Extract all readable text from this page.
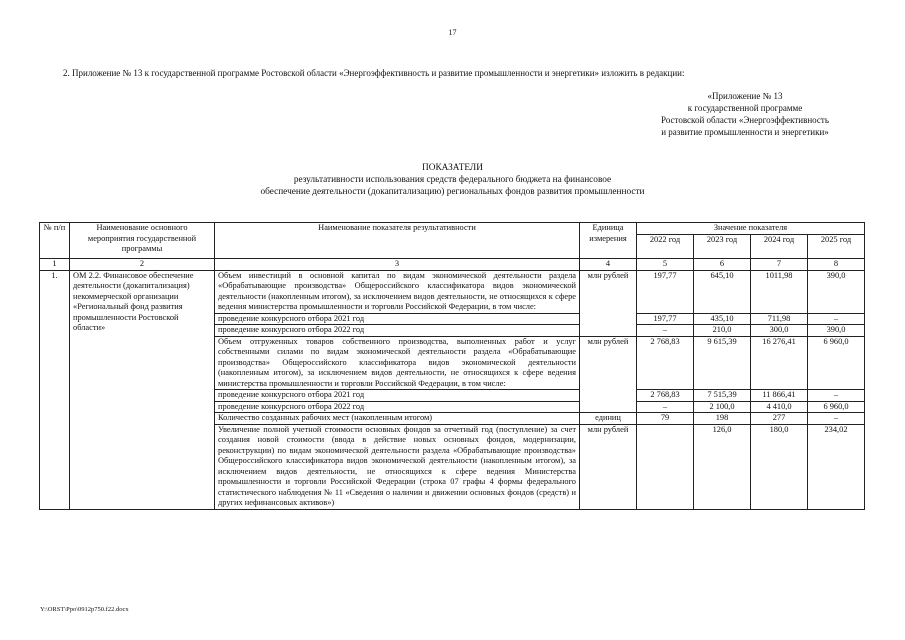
17
2. Приложение № 13 к государственной программе Ростовской области «Энергоэффективность и развитие промышленности и энергетики» изложить в редакции:
«Приложение № 13
к государственной программе
Ростовской области «Энергоэффективность
и развитие промышленности и энергетики»
ПОКАЗАТЕЛИ
результативности использования средств федерального бюджета на финансовое
обеспечение деятельности (докапитализацию) региональных фондов развития промышленности
№ п/п	Наименование основного мероприятия государственной программы	Наименование показателя результативности	Единица измерения	Значение показателя			
				2022 год	2023 год	2024 год	2025 год
1	2	3	4	5	6	7	8
1.	ОМ 2.2. Финансовое обеспечение деятельности (докапитализация) некоммерческой организации «Региональный фонд развития промышленности Ростовской области»	Объем инвестиций в основной капитал по видам экономической деятельности раздела «Обрабатывающие производства» Общероссийского классификатора видов экономической деятельности (накопленным итогом), за исключением видов деятельности, не относящихся к сфере ведения министерства промышленности и торговли Российской Федерации, в том числе:	млн рублей	197,77	645,10	1011,98	390,0
		проведение конкурсного отбора 2021 год		197,77	435,10	711,98	–
		проведение конкурсного отбора 2022 год		–	210,0	300,0	390,0
		Объем отгруженных товаров собственного производства, выполненных работ и услуг собственными силами по видам экономической деятельности раздела «Обрабатывающие производства» Общероссийского классификатора видов экономической деятельности (накопленным итогом), за исключением видов деятельности, не относящихся к сфере ведения министерства промышленности и торговли Российской Федерации, в том числе:	млн рублей	2 768,83	9 615,39	16 276,41	6 960,0
		проведение конкурсного отбора 2021 год		2 768,83	7 515,39	11 866,41	–
		проведение конкурсного отбора 2022 год		–	2 100,0	4 410,0	6 960,0
		Количество созданных рабочих мест (накопленным итогом)	единиц	79	198	277	–
		Увеличение полной учетной стоимости основных фондов за отчетный год (поступление) за счет создания новой стоимости (ввода в действие новых основных фондов, модернизации, реконструкции) по видам экономической деятельности раздела «Обрабатывающие производства» Общероссийского классификатора видов экономической деятельности (накопленным итогом), за исключением видов деятельности, не относящихся к сфере ведения Министерства промышленности и торговли Российской Федерации (строка 07 графы 4 формы федерального статистического наблюдения № 11 «Сведения о наличии и движении основных фондов (средств) и других нефинансовых активов»)	млн рублей		126,0	180,0	234,02
Y:\ORST\Ppo\0912p750.f22.docx
